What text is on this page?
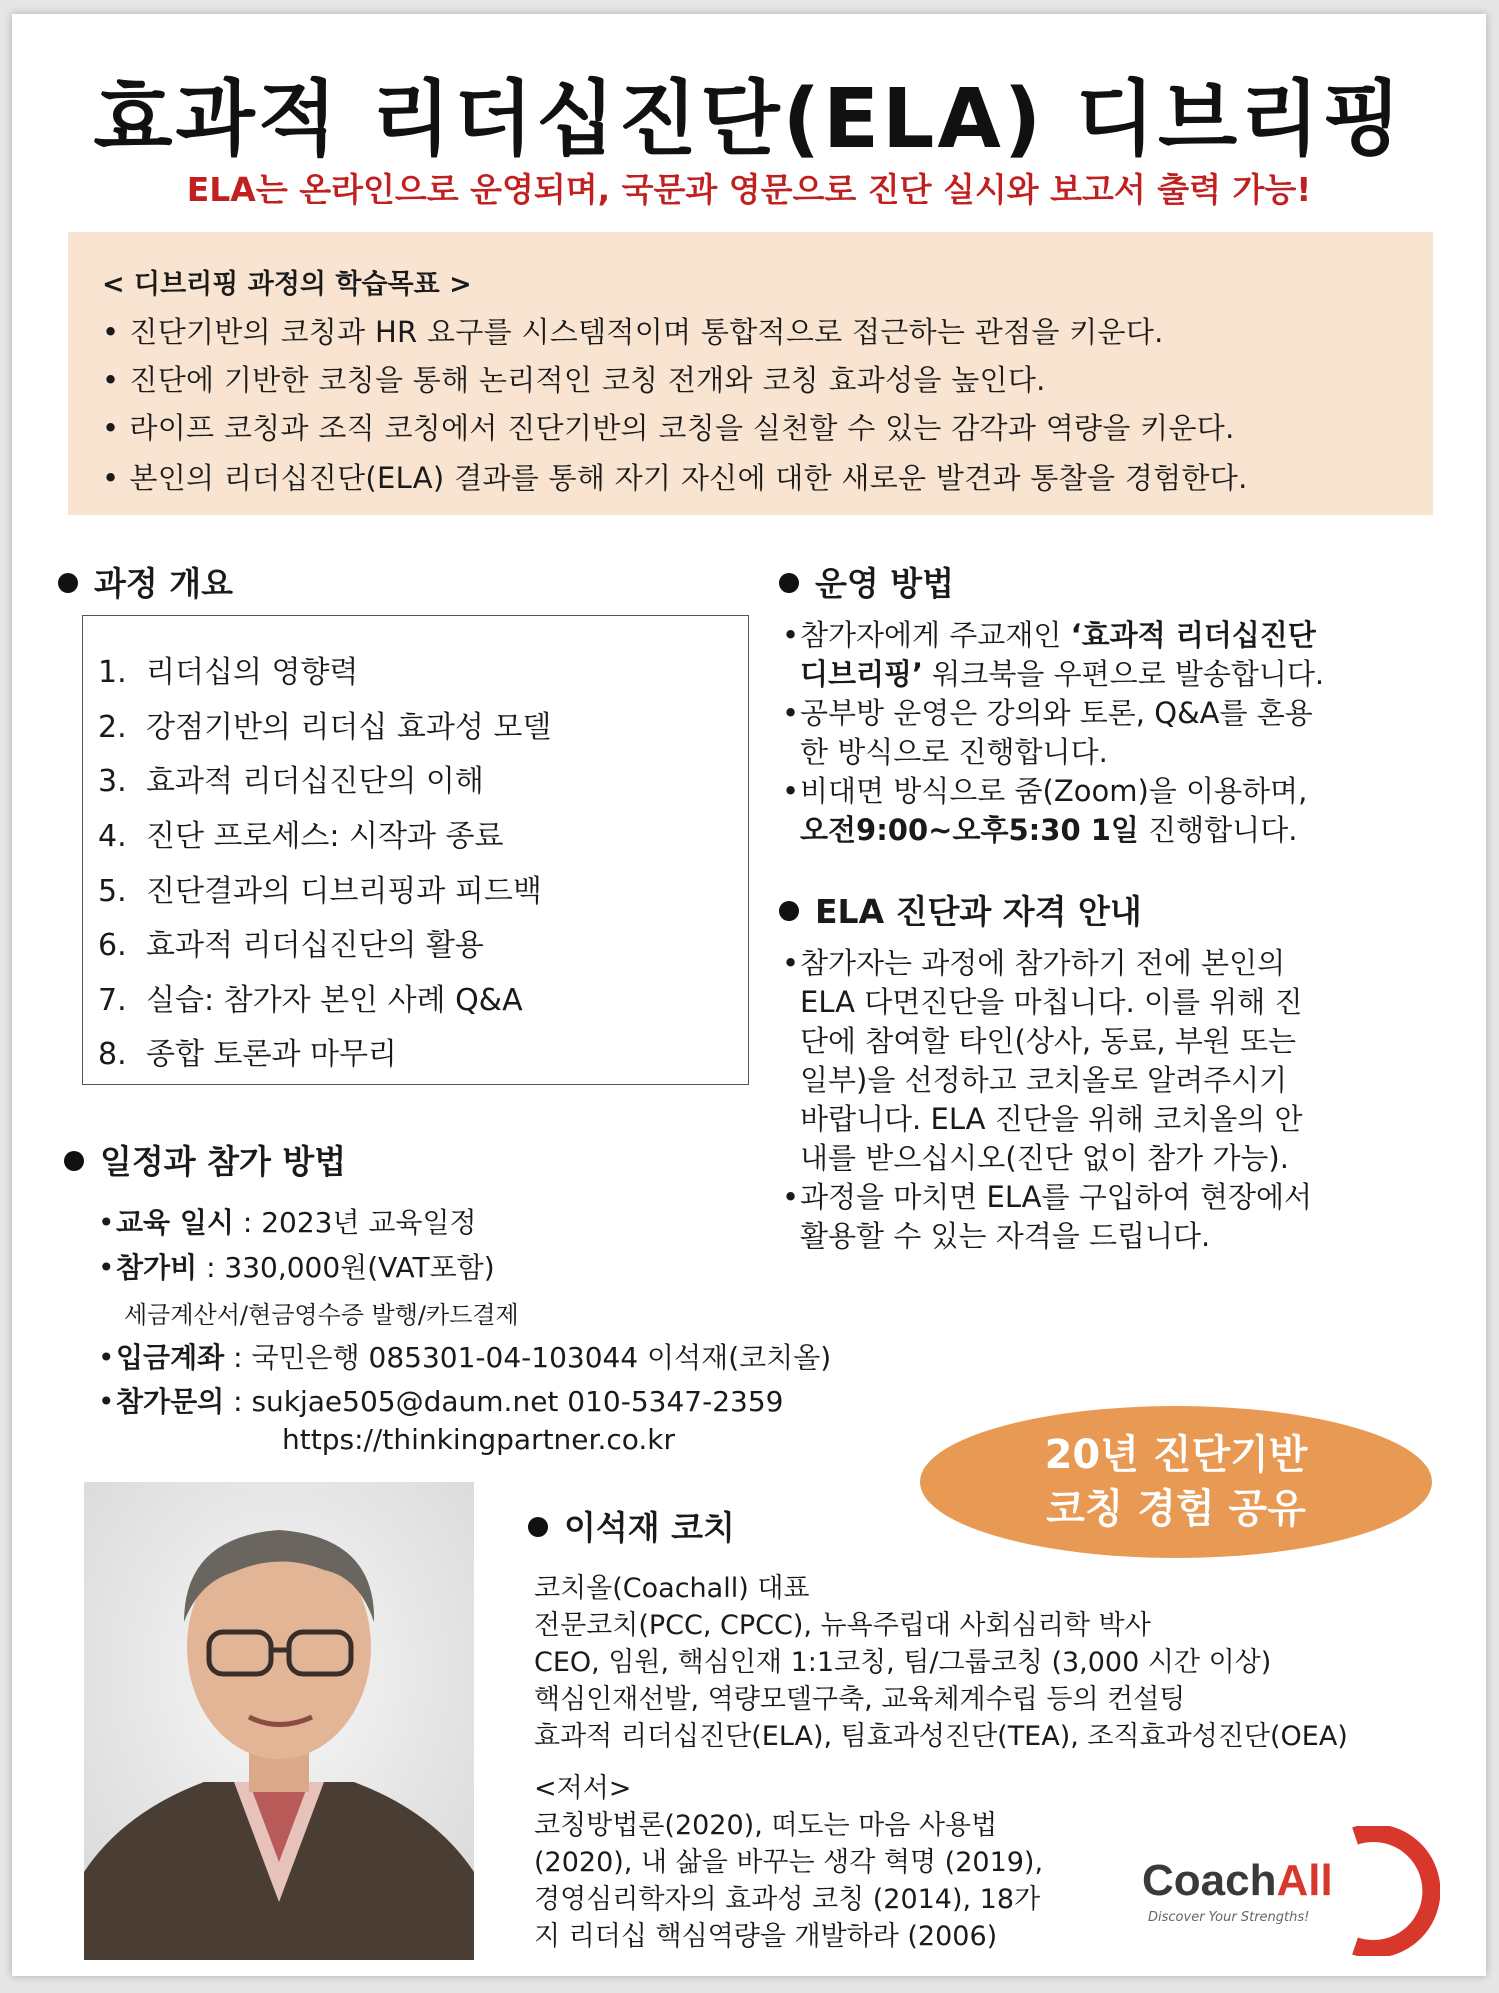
효과적 리더십진단(ELA) 디브리핑
ELA는 온라인으로 운영되며, 국문과 영문으로 진단 실시와 보고서 출력 가능!
< 디브리핑 과정의 학습목표 >
• 진단기반의 코칭과 HR 요구를 시스템적이며 통합적으로 접근하는 관점을 키운다.
• 진단에 기반한 코칭을 통해 논리적인 코칭 전개와 코칭 효과성을 높인다.
• 라이프 코칭과 조직 코칭에서 진단기반의 코칭을 실천할 수 있는 감각과 역량을 키운다.
• 본인의 리더십진단(ELA) 결과를 통해 자기 자신에 대한 새로운 발견과 통찰을 경험한다.
과정 개요
1. 리더십의 영향력
2. 강점기반의 리더십 효과성 모델
3. 효과적 리더십진단의 이해
4. 진단 프로세스: 시작과 종료
5. 진단결과의 디브리핑과 피드백
6. 효과적 리더십진단의 활용
7. 실습: 참가자 본인 사례 Q&A
8. 종합 토론과 마무리
운영 방법
•참가자에게 주교재인 ‘효과적 리더십진단
디브리핑’ 워크북을 우편으로 발송합니다.
•공부방 운영은 강의와 토론, Q&A를 혼용
한 방식으로 진행합니다.
•비대면 방식으로 줌(Zoom)을 이용하며,
오전9:00~오후5:30 1일 진행합니다.
ELA 진단과 자격 안내
•참가자는 과정에 참가하기 전에 본인의
ELA 다면진단을 마칩니다. 이를 위해 진
단에 참여할 타인(상사, 동료, 부원 또는
일부)을 선정하고 코치올로 알려주시기
바랍니다. ELA 진단을 위해 코치올의 안
내를 받으십시오(진단 없이 참가 가능).
•과정을 마치면 ELA를 구입하여 현장에서
활용할 수 있는 자격을 드립니다.
일정과 참가 방법
•교육 일시 : 2023년 교육일정
•참가비 : 330,000원(VAT포함)
세금계산서/현금영수증 발행/카드결제
•입금계좌 : 국민은행 085301-04-103044 이석재(코치올)
•참가문의 : sukjae505@daum.net 010-5347-2359
https://thinkingpartner.co.kr	20년 진단기반
코칭 경험 공유
이석재 코치
코치올(Coachall) 대표
전문코치(PCC, CPCC), 뉴욕주립대 사회심리학 박사
CEO, 임원, 핵심인재 1:1코칭, 팀/그룹코칭 (3,000 시간 이상)
핵심인재선발, 역량모델구축, 교육체계수립 등의 컨설팅
효과적 리더십진단(ELA), 팀효과성진단(TEA), 조직효과성진단(OEA)
<저서>
코칭방법론(2020), 떠도는 마음 사용법
(2020), 내 삶을 바꾸는 생각 혁명 (2019),
경영심리학자의 효과성 코칭 (2014), 18가
지 리더십 핵심역량을 개발하라 (2006)
CoachAll
Discover Your Strengths!
